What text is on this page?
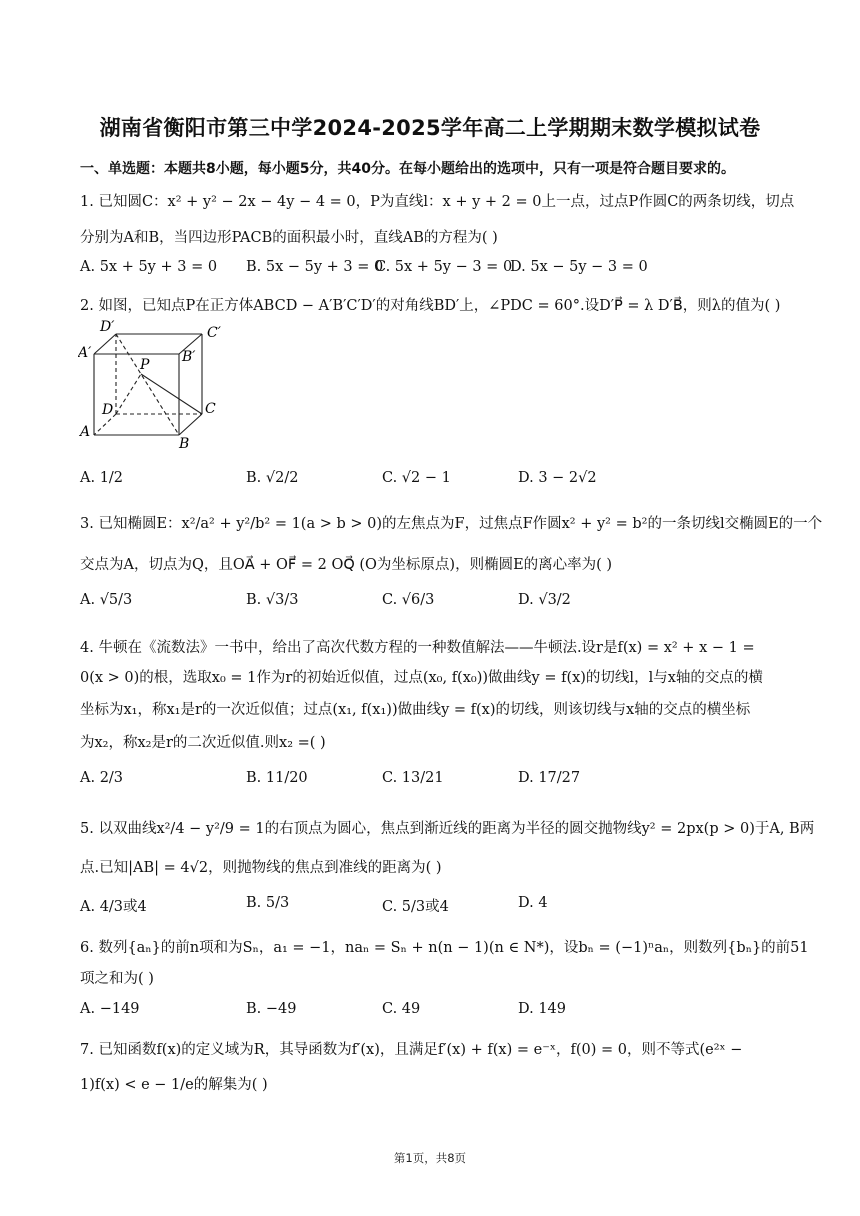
湖南省衡阳市第三中学2024-2025学年高二上学期期末数学模拟试卷
一、单选题：本题共8小题，每小题5分，共40分。在每小题给出的选项中，只有一项是符合题目要求的。
1. 已知圆C：x² + y² − 2x − 4y − 4 = 0，P为直线l：x + y + 2 = 0上一点，过点P作圆C的两条切线，切点
分别为A和B，当四边形PACB的面积最小时，直线AB的方程为( )
A. 5x + 5y + 3 = 0 B. 5x − 5y + 3 = 0
C. 5x + 5y − 3 = 0
D. 5x − 5y − 3 = 0
2. 如图，已知点P在正方体ABCD − A′B′C′D′的对角线BD′上，∠PDC = 60°.设D′P⃗ = λ D′B⃗，则λ的值为( )
D′	C′
A′	B′
P
D	C
A
B
A. 1/2	B. √2/2	C. √2 − 1	D. 3 − 2√2
3. 已知椭圆E：x²/a² + y²/b² = 1(a > b > 0)的左焦点为F，过焦点F作圆x² + y² = b²的一条切线l交椭圆E的一个
交点为A，切点为Q，且OA⃗ + OF⃗ = 2 OQ⃗ (O为坐标原点)，则椭圆E的离心率为( )
A. √5/3	B. √3/3	C. √6/3	D. √3/2
4. 牛顿在《流数法》一书中，给出了高次代数方程的一种数值解法——牛顿法.设r是f(x) = x² + x − 1 =
0(x > 0)的根，选取x₀ = 1作为r的初始近似值，过点(x₀, f(x₀))做曲线y = f(x)的切线l，l与x轴的交点的横
坐标为x₁，称x₁是r的一次近似值；过点(x₁, f(x₁))做曲线y = f(x)的切线，则该切线与x轴的交点的横坐标
为x₂，称x₂是r的二次近似值.则x₂ =( )
A. 2/3	B. 11/20	C. 13/21	D. 17/27
5. 以双曲线x²/4 − y²/9 = 1的右顶点为圆心，焦点到渐近线的距离为半径的圆交抛物线y² = 2px(p > 0)于A, B两
点.已知|AB| = 4√2，则抛物线的焦点到准线的距离为( )
A. 4/3或4	B. 5/3	C. 5/3或4	D. 4
6. 数列{aₙ}的前n项和为Sₙ，a₁ = −1，naₙ = Sₙ + n(n − 1)(n ∈ N*)，设bₙ = (−1)ⁿaₙ，则数列{bₙ}的前51
项之和为( )
A. −149	B. −49	C. 49	D. 149
7. 已知函数f(x)的定义域为R，其导函数为f′(x)，且满足f′(x) + f(x) = e⁻ˣ，f(0) = 0，则不等式(e²ˣ −
1)f(x) < e − 1/e的解集为( )
第1页，共8页
